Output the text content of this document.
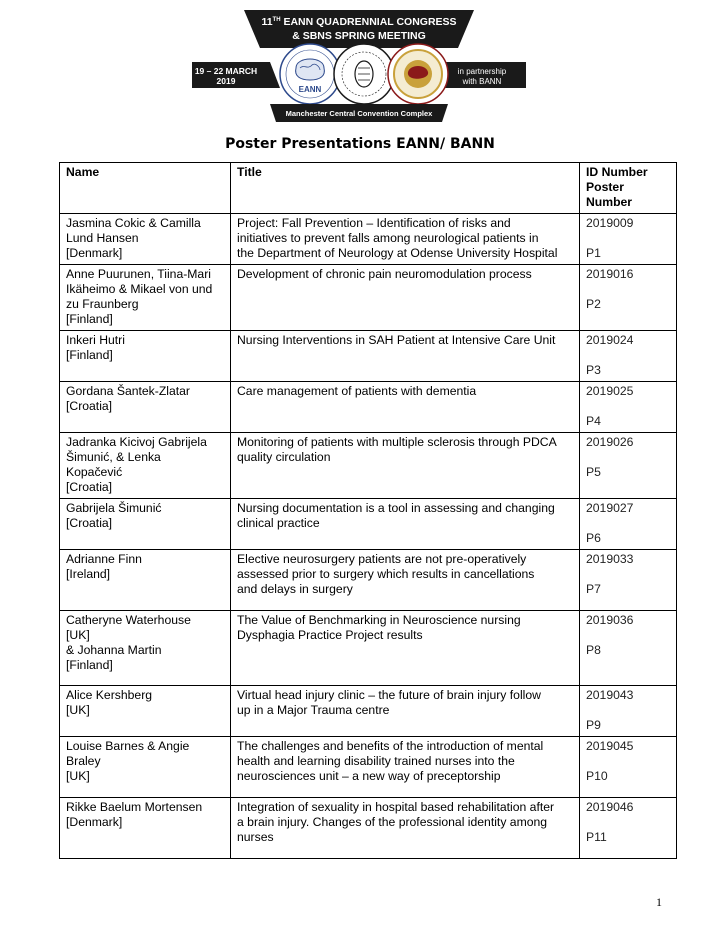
11TH EANN QUADRENNIAL CONGRESS
& SBNS SPRING MEETING
19 – 22 MARCH
2019
in partnership
with BANN
EANN
Manchester Central Convention Complex
Poster Presentations EANN/ BANN
Name	Title	ID Number
Poster
Number

Jasmina Cokic & Camilla
Lund Hansen
[Denmark]	Project: Fall Prevention – Identification of risks and
initiatives to prevent falls among neurological patients in
the Department of Neurology at Odense University Hospital	2019009
P1

Anne Puurunen, Tiina-Mari
Ikäheimo & Mikael von und
zu Fraunberg
[Finland]	Development of chronic pain neuromodulation process	2019016
P2

Inkeri Hutri
[Finland]	Nursing Interventions in SAH Patient at Intensive Care Unit	2019024
P3

Gordana Šantek-Zlatar
[Croatia]	Care management of patients with dementia	2019025
P4

Jadranka Kicivoj Gabrijela
Šimunić, & Lenka
Kopačević
[Croatia]	Monitoring of patients with multiple sclerosis through PDCA
quality circulation	2019026
P5

Gabrijela Šimunić
[Croatia]	Nursing documentation is a tool in assessing and changing
clinical practice	2019027
P6

Adrianne Finn
[Ireland]	Elective neurosurgery patients are not pre-operatively
assessed prior to surgery which results in cancellations
and delays in surgery	2019033
P7

Catheryne Waterhouse
[UK]
& Johanna Martin
[Finland]	The Value of Benchmarking in Neuroscience nursing
Dysphagia Practice Project results	2019036
P8

Alice Kershberg
[UK]	Virtual head injury clinic – the future of brain injury follow
up in a Major Trauma centre	2019043
P9

Louise Barnes & Angie
Braley
[UK]	The challenges and benefits of the introduction of mental
health and learning disability trained nurses into the
neurosciences unit – a new way of preceptorship	2019045
P10

Rikke Baelum Mortensen
[Denmark]	Integration of sexuality in hospital based rehabilitation after
a brain injury. Changes of the professional identity among
nurses	2019046
P11
1
